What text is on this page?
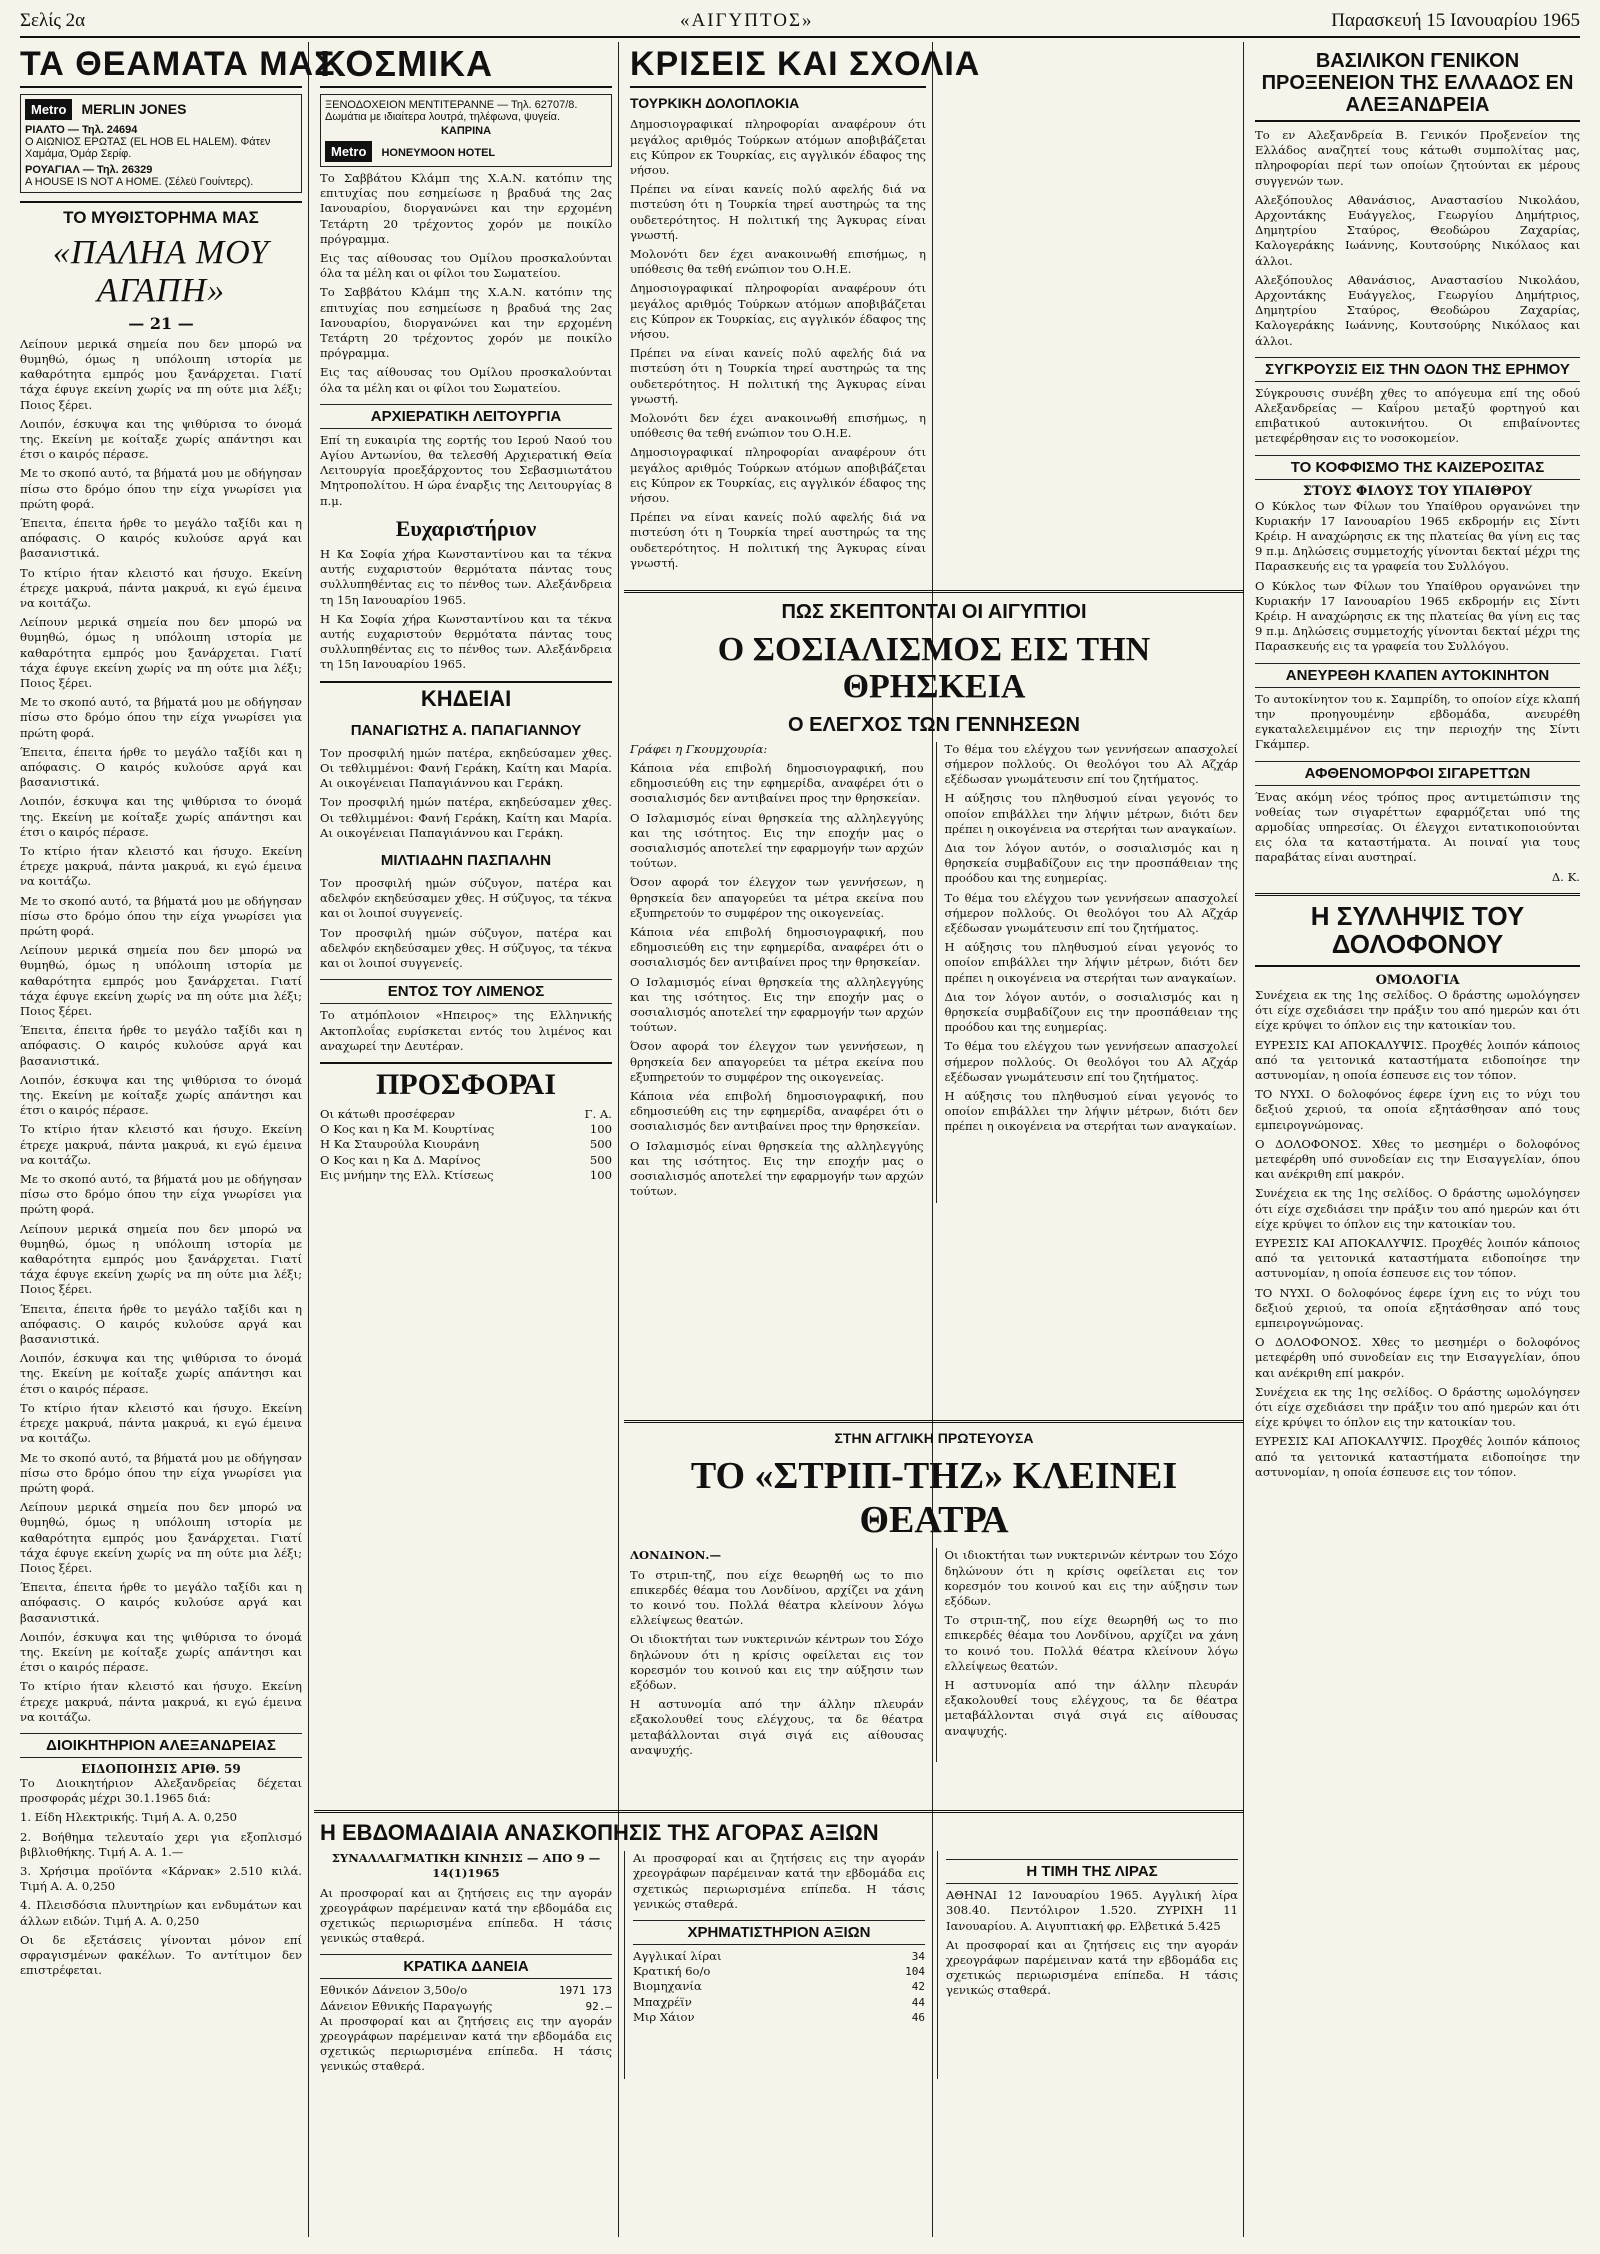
Σελίς 2α	«ΑΙΓΥΠΤΟΣ»	Παρασκευή 15 Ιανουαρίου 1965
ΤΑ ΘΕΑΜΑΤΑ ΜΑΣ
Metro MERLIN JONES
ΡΙΑΛΤΟ — Τηλ. 24694
Ο ΑΙΩΝΙΟΣ ΕΡΩΤΑΣ (EL HOB EL HALEM). Φάτεν Χαμάμα, Όμάρ Σερίφ.
ΡΟΥΑΓΙΑΛ — Τηλ. 26329
A HOUSE IS NOT A HOME. (Σέλεϋ Γουίντερς).
ΤΟ ΜΥΘΙΣΤΟΡΗΜΑ ΜΑΣ
«ΠΑΛΗΑ ΜΟΥ ΑΓΑΠΗ»
— 21 —

Λείπουν μερικά σημεία που δεν μπορώ να θυμηθώ, όμως η υπόλοιπη ιστορία με καθαρότητα εμπρός μου ξανάρχεται. Γιατί τάχα έφυγε εκείνη χωρίς να πη ούτε μια λέξι; Ποιος ξέρει.

Λοιπόν, έσκυψα και της ψιθύρισα το όνομά της. Εκείνη με κοίταξε χωρίς απάντησι και έτσι ο καιρός πέρασε.

Με το σκοπό αυτό, τα βήματά μου με οδήγησαν πίσω στο δρόμο όπου την είχα γνωρίσει για πρώτη φορά.

Έπειτα, έπειτα ήρθε το μεγάλο ταξίδι και η απόφασις. Ο καιρός κυλούσε αργά και βασανιστικά.

Το κτίριο ήταν κλειστό και ήσυχο. Εκείνη έτρεχε μακρυά, πάντα μακρυά, κι εγώ έμεινα να κοιτάζω.

Λείπουν μερικά σημεία που δεν μπορώ να θυμηθώ, όμως η υπόλοιπη ιστορία με καθαρότητα εμπρός μου ξανάρχεται. Γιατί τάχα έφυγε εκείνη χωρίς να πη ούτε μια λέξι; Ποιος ξέρει.

Με το σκοπό αυτό, τα βήματά μου με οδήγησαν πίσω στο δρόμο όπου την είχα γνωρίσει για πρώτη φορά.

Έπειτα, έπειτα ήρθε το μεγάλο ταξίδι και η απόφασις. Ο καιρός κυλούσε αργά και βασανιστικά.

Λοιπόν, έσκυψα και της ψιθύρισα το όνομά της. Εκείνη με κοίταξε χωρίς απάντησι και έτσι ο καιρός πέρασε.

Το κτίριο ήταν κλειστό και ήσυχο. Εκείνη έτρεχε μακρυά, πάντα μακρυά, κι εγώ έμεινα να κοιτάζω.

Με το σκοπό αυτό, τα βήματά μου με οδήγησαν πίσω στο δρόμο όπου την είχα γνωρίσει για πρώτη φορά.

Λείπουν μερικά σημεία που δεν μπορώ να θυμηθώ, όμως η υπόλοιπη ιστορία με καθαρότητα εμπρός μου ξανάρχεται. Γιατί τάχα έφυγε εκείνη χωρίς να πη ούτε μια λέξι; Ποιος ξέρει.

Έπειτα, έπειτα ήρθε το μεγάλο ταξίδι και η απόφασις. Ο καιρός κυλούσε αργά και βασανιστικά.

Λοιπόν, έσκυψα και της ψιθύρισα το όνομά της. Εκείνη με κοίταξε χωρίς απάντησι και έτσι ο καιρός πέρασε.

Το κτίριο ήταν κλειστό και ήσυχο. Εκείνη έτρεχε μακρυά, πάντα μακρυά, κι εγώ έμεινα να κοιτάζω.

Με το σκοπό αυτό, τα βήματά μου με οδήγησαν πίσω στο δρόμο όπου την είχα γνωρίσει για πρώτη φορά.

Λείπουν μερικά σημεία που δεν μπορώ να θυμηθώ, όμως η υπόλοιπη ιστορία με καθαρότητα εμπρός μου ξανάρχεται. Γιατί τάχα έφυγε εκείνη χωρίς να πη ούτε μια λέξι; Ποιος ξέρει.

Έπειτα, έπειτα ήρθε το μεγάλο ταξίδι και η απόφασις. Ο καιρός κυλούσε αργά και βασανιστικά.

Λοιπόν, έσκυψα και της ψιθύρισα το όνομά της. Εκείνη με κοίταξε χωρίς απάντησι και έτσι ο καιρός πέρασε.

Το κτίριο ήταν κλειστό και ήσυχο. Εκείνη έτρεχε μακρυά, πάντα μακρυά, κι εγώ έμεινα να κοιτάζω.

Με το σκοπό αυτό, τα βήματά μου με οδήγησαν πίσω στο δρόμο όπου την είχα γνωρίσει για πρώτη φορά.

Λείπουν μερικά σημεία που δεν μπορώ να θυμηθώ, όμως η υπόλοιπη ιστορία με καθαρότητα εμπρός μου ξανάρχεται. Γιατί τάχα έφυγε εκείνη χωρίς να πη ούτε μια λέξι; Ποιος ξέρει.

Έπειτα, έπειτα ήρθε το μεγάλο ταξίδι και η απόφασις. Ο καιρός κυλούσε αργά και βασανιστικά.

Λοιπόν, έσκυψα και της ψιθύρισα το όνομά της. Εκείνη με κοίταξε χωρίς απάντησι και έτσι ο καιρός πέρασε.

Το κτίριο ήταν κλειστό και ήσυχο. Εκείνη έτρεχε μακρυά, πάντα μακρυά, κι εγώ έμεινα να κοιτάζω.

ΔΙΟΙΚΗΤΗΡΙΟΝ ΑΛΕΞΑΝΔΡΕΙΑΣ
ΕΙΔΟΠΟΙΗΣΙΣ ΑΡΙΘ. 59

Το Διοικητήριον Αλεξανδρείας δέχεται προσφοράς μέχρι 30.1.1965 διά:

1. Είδη Ηλεκτρικής. Τιμή Α. Α. 0,250

2. Βοήθημα τελευταίο χερι για εξοπλισμό βιβλιοθήκης. Τιμή Α. Α. 1.—

3. Χρήσιμα προϊόντα «Κάρνακ» 2.510 κιλά. Τιμή Α. Α. 0,250

4. Πλεισδόσια πλυντηρίων και ενδυμάτων και άλλων ειδών. Τιμή Α. Α. 0,250

Οι δε εξετάσεις γίνονται μόνον επί σφραγισμένων φακέλων. Το αντίτιμον δεν επιστρέφεται.

ΚΟΣΜΙΚΑ
ΞΕΝΟΔΟΧΕΙΟΝ ΜΕΝΤΙΤΕΡΑΝΝΕ — Τηλ. 62707/8. Δωμάτια με ιδιαίτερα λουτρά, τηλέφωνα, ψυγεία.
ΚΑΠΡΙΝΑ
Metro HONEYMOON HOTEL

Το Σαββάτου Κλάμπ της Χ.Α.Ν. κατόπιν της επιτυχίας που εσημείωσε η βραδυά της 2ας Ιανουαρίου, διοργανώνει και την ερχομένη Τετάρτη 20 τρέχοντος χορόν με ποικίλο πρόγραμμα.

Εις τας αίθουσας του Ομίλου προσκαλούνται όλα τα μέλη και οι φίλοι του Σωματείου.

Το Σαββάτου Κλάμπ της Χ.Α.Ν. κατόπιν της επιτυχίας που εσημείωσε η βραδυά της 2ας Ιανουαρίου, διοργανώνει και την ερχομένη Τετάρτη 20 τρέχοντος χορόν με ποικίλο πρόγραμμα.

Εις τας αίθουσας του Ομίλου προσκαλούνται όλα τα μέλη και οι φίλοι του Σωματείου.

ΑΡΧΙΕΡΑΤΙΚΗ ΛΕΙΤΟΥΡΓΙΑ

Επί τη ευκαιρία της εορτής του Ιερού Ναού του Αγίου Αντωνίου, θα τελεσθή Αρχιερατική Θεία Λειτουργία προεξάρχοντος του Σεβασμιωτάτου Μητροπολίτου. Η ώρα έναρξις της Λειτουργίας 8 π.μ.

Ευχαριστήριον

Η Κα Σοφία χήρα Κωνσταντίνου και τα τέκνα αυτής ευχαριστούν θερμότατα πάντας τους συλλυπηθέντας εις το πένθος των. Αλεξάνδρεια τη 15η Ιανουαρίου 1965.

Η Κα Σοφία χήρα Κωνσταντίνου και τα τέκνα αυτής ευχαριστούν θερμότατα πάντας τους συλλυπηθέντας εις το πένθος των. Αλεξάνδρεια τη 15η Ιανουαρίου 1965.

ΚΗΔΕΙΑΙ
ΠΑΝΑΓΙΩΤΗΣ Α. ΠΑΠΑΓΙΑΝΝΟΥ

Τον προσφιλή ημών πατέρα, εκηδεύσαμεν χθες. Οι τεθλιμμένοι: Φανή Γεράκη, Καίτη και Μαρία. Αι οικογένειαι Παπαγιάννου και Γεράκη.

Τον προσφιλή ημών πατέρα, εκηδεύσαμεν χθες. Οι τεθλιμμένοι: Φανή Γεράκη, Καίτη και Μαρία. Αι οικογένειαι Παπαγιάννου και Γεράκη.

ΜΙΛΤΙΑΔΗΝ ΠΑΣΠΑΛΗΝ

Τον προσφιλή ημών σύζυγον, πατέρα και αδελφόν εκηδεύσαμεν χθες. Η σύζυγος, τα τέκνα και οι λοιποί συγγενείς.

Τον προσφιλή ημών σύζυγον, πατέρα και αδελφόν εκηδεύσαμεν χθες. Η σύζυγος, τα τέκνα και οι λοιποί συγγενείς.

ΕΝΤΟΣ ΤΟΥ ΛΙΜΕΝΟΣ

Το ατμόπλοιον «Ηπειρος» της Ελληνικής Ακτοπλοΐας ευρίσκεται εντός του λιμένος και αναχωρεί την Δευτέραν.

ΠΡΟΣΦΟΡΑΙ
Οι κάτωθι προσέφεραν	Γ. Α.
Ο Κος και η Κα Μ. Κουρτίνας	100
Η Κα Σταυρούλα Κιουράνη	500
Ο Κος και η Κα Δ. Μαρίνος	500
Εις μνήμην της Ελλ. Κτίσεως	100
ΚΡΙΣΕΙΣ ΚΑΙ ΣΧΟΛΙΑ
ΤΟΥΡΚΙΚΗ ΔΟΛΟΠΛΟΚΙΑ

Δημοσιογραφικαί πληροφορίαι αναφέρουν ότι μεγάλος αριθμός Τούρκων ατόμων αποβιβάζεται εις Κύπρον εκ Τουρκίας, εις αγγλικόν έδαφος της νήσου.

Πρέπει να είναι κανείς πολύ αφελής διά να πιστεύση ότι η Τουρκία τηρεί αυστηρώς τα της ουδετερότητος. Η πολιτική της Άγκυρας είναι γνωστή.

Μολονότι δεν έχει ανακοινωθή επισήμως, η υπόθεσις θα τεθή ενώπιον του Ο.Η.Ε.

Δημοσιογραφικαί πληροφορίαι αναφέρουν ότι μεγάλος αριθμός Τούρκων ατόμων αποβιβάζεται εις Κύπρον εκ Τουρκίας, εις αγγλικόν έδαφος της νήσου.

Πρέπει να είναι κανείς πολύ αφελής διά να πιστεύση ότι η Τουρκία τηρεί αυστηρώς τα της ουδετερότητος. Η πολιτική της Άγκυρας είναι γνωστή.

Μολονότι δεν έχει ανακοινωθή επισήμως, η υπόθεσις θα τεθή ενώπιον του Ο.Η.Ε.

Δημοσιογραφικαί πληροφορίαι αναφέρουν ότι μεγάλος αριθμός Τούρκων ατόμων αποβιβάζεται εις Κύπρον εκ Τουρκίας, εις αγγλικόν έδαφος της νήσου.

Πρέπει να είναι κανείς πολύ αφελής διά να πιστεύση ότι η Τουρκία τηρεί αυστηρώς τα της ουδετερότητος. Η πολιτική της Άγκυρας είναι γνωστή.

ΠΩΣ ΣΚΕΠΤΟΝΤΑΙ ΟΙ ΑΙΓΥΠΤΙΟΙ
Ο ΣΟΣΙΑΛΙΣΜΟΣ ΕΙΣ ΤΗΝ ΘΡΗΣΚΕΙΑ
Ο ΕΛΕΓΧΟΣ ΤΩΝ ΓΕΝΝΗΣΕΩΝ

Γράφει η Γκουμχουρία:

Κάποια νέα επιβολή δημοσιογραφική, που εδημοσιεύθη εις την εφημερίδα, αναφέρει ότι ο σοσιαλισμός δεν αντιβαίνει προς την θρησκείαν.

Ο Ισλαμισμός είναι θρησκεία της αλληλεγγύης και της ισότητος. Εις την εποχήν μας ο σοσιαλισμός αποτελεί την εφαρμογήν των αρχών τούτων.

Όσον αφορά τον έλεγχον των γεννήσεων, η θρησκεία δεν απαγορεύει τα μέτρα εκείνα που εξυπηρετούν το συμφέρον της οικογενείας.

Κάποια νέα επιβολή δημοσιογραφική, που εδημοσιεύθη εις την εφημερίδα, αναφέρει ότι ο σοσιαλισμός δεν αντιβαίνει προς την θρησκείαν.

Ο Ισλαμισμός είναι θρησκεία της αλληλεγγύης και της ισότητος. Εις την εποχήν μας ο σοσιαλισμός αποτελεί την εφαρμογήν των αρχών τούτων.

Όσον αφορά τον έλεγχον των γεννήσεων, η θρησκεία δεν απαγορεύει τα μέτρα εκείνα που εξυπηρετούν το συμφέρον της οικογενείας.

Κάποια νέα επιβολή δημοσιογραφική, που εδημοσιεύθη εις την εφημερίδα, αναφέρει ότι ο σοσιαλισμός δεν αντιβαίνει προς την θρησκείαν.

Ο Ισλαμισμός είναι θρησκεία της αλληλεγγύης και της ισότητος. Εις την εποχήν μας ο σοσιαλισμός αποτελεί την εφαρμογήν των αρχών τούτων.

Το θέμα του ελέγχου των γεννήσεων απασχολεί σήμερον πολλούς. Οι θεολόγοι του Αλ Αζχάρ εξέδωσαν γνωμάτευσιν επί του ζητήματος.

Η αύξησις του πληθυσμού είναι γεγονός το οποίον επιβάλλει την λήψιν μέτρων, διότι δεν πρέπει η οικογένεια να στερήται των αναγκαίων.

Δια τον λόγον αυτόν, ο σοσιαλισμός και η θρησκεία συμβαδίζουν εις την προσπάθειαν της προόδου και της ευημερίας.

Το θέμα του ελέγχου των γεννήσεων απασχολεί σήμερον πολλούς. Οι θεολόγοι του Αλ Αζχάρ εξέδωσαν γνωμάτευσιν επί του ζητήματος.

Η αύξησις του πληθυσμού είναι γεγονός το οποίον επιβάλλει την λήψιν μέτρων, διότι δεν πρέπει η οικογένεια να στερήται των αναγκαίων.

Δια τον λόγον αυτόν, ο σοσιαλισμός και η θρησκεία συμβαδίζουν εις την προσπάθειαν της προόδου και της ευημερίας.

Το θέμα του ελέγχου των γεννήσεων απασχολεί σήμερον πολλούς. Οι θεολόγοι του Αλ Αζχάρ εξέδωσαν γνωμάτευσιν επί του ζητήματος.

Η αύξησις του πληθυσμού είναι γεγονός το οποίον επιβάλλει την λήψιν μέτρων, διότι δεν πρέπει η οικογένεια να στερήται των αναγκαίων.

ΣΤΗΝ ΑΓΓΛΙΚΗ ΠΡΩΤΕΥΟΥΣΑ
ΤΟ «ΣΤΡΙΠ-ΤΗΖ» ΚΛΕΙΝΕΙ ΘΕΑΤΡΑ

ΛΟΝΔΙΝΟΝ.—

Το στριπ-τηζ, που είχε θεωρηθή ως το πιο επικερδές θέαμα του Λονδίνου, αρχίζει να χάνη το κοινό του. Πολλά θέατρα κλείνουν λόγω ελλείψεως θεατών.

Οι ιδιοκτήται των νυκτερινών κέντρων του Σόχο δηλώνουν ότι η κρίσις οφείλεται εις τον κορεσμόν του κοινού και εις την αύξησιν των εξόδων.

Η αστυνομία από την άλλην πλευράν εξακολουθεί τους ελέγχους, τα δε θέατρα μεταβάλλονται σιγά σιγά εις αίθουσας αναψυχής.

Οι ιδιοκτήται των νυκτερινών κέντρων του Σόχο δηλώνουν ότι η κρίσις οφείλεται εις τον κορεσμόν του κοινού και εις την αύξησιν των εξόδων.

Το στριπ-τηζ, που είχε θεωρηθή ως το πιο επικερδές θέαμα του Λονδίνου, αρχίζει να χάνη το κοινό του. Πολλά θέατρα κλείνουν λόγω ελλείψεως θεατών.

Η αστυνομία από την άλλην πλευράν εξακολουθεί τους ελέγχους, τα δε θέατρα μεταβάλλονται σιγά σιγά εις αίθουσας αναψυχής.

Η ΕΒΔΟΜΑΔΙΑΙΑ ΑΝΑΣΚΟΠΗΣΙΣ ΤΗΣ ΑΓΟΡΑΣ ΑΞΙΩΝ

ΣΥΝΑΛΛΑΓΜΑΤΙΚΗ ΚΙΝΗΣΙΣ — ΑΠΟ 9 — 14(1)1965

Αι προσφοραί και αι ζητήσεις εις την αγοράν χρεογράφων παρέμειναν κατά την εβδομάδα εις σχετικώς περιωρισμένα επίπεδα. Η τάσις γενικώς σταθερά.

ΚΡΑΤΙΚΑ ΔΑΝΕΙΑ
Εθνικόν Δάνειον 3,50ο/ο	1971 173
Δάνειον Εθνικής Παραγωγής	92.—

Αι προσφοραί και αι ζητήσεις εις την αγοράν χρεογράφων παρέμειναν κατά την εβδομάδα εις σχετικώς περιωρισμένα επίπεδα. Η τάσις γενικώς σταθερά.

Αι προσφοραί και αι ζητήσεις εις την αγοράν χρεογράφων παρέμειναν κατά την εβδομάδα εις σχετικώς περιωρισμένα επίπεδα. Η τάσις γενικώς σταθερά.

ΧΡΗΜΑΤΙΣΤΗΡΙΟΝ ΑΞΙΩΝ
Αγγλικαί λίραι	34
Κρατική 6ο/ο	104
Βιομηχανία	42
Μπαχρέϊν	44
Μιρ Χάιον	46
Η ΤΙΜΗ ΤΗΣ ΛΙΡΑΣ

ΑΘΗΝΑΙ 12 Ιανουαρίου 1965. Αγγλική λίρα 308.40. Πεντόλιρον 1.520. ΖΥΡΙΧΗ 11 Ιανουαρίου. Α. Αιγυπτιακή φρ. Ελβετικά 5.425

Αι προσφοραί και αι ζητήσεις εις την αγοράν χρεογράφων παρέμειναν κατά την εβδομάδα εις σχετικώς περιωρισμένα επίπεδα. Η τάσις γενικώς σταθερά.

ΒΑΣΙΛΙΚΟΝ ΓΕΝΙΚΟΝ ΠΡΟΞΕΝΕΙΟΝ ΤΗΣ ΕΛΛΑΔΟΣ ΕΝ ΑΛΕΞΑΝΔΡΕΙΑ

Το εν Αλεξανδρεία Β. Γενικόν Προξενείον της Ελλάδος αναζητεί τους κάτωθι συμπολίτας μας, πληροφορίαι περί των οποίων ζητούνται εκ μέρους συγγενών των.

Αλεξόπουλος Αθανάσιος, Αναστασίου Νικολάου, Αρχοντάκης Ευάγγελος, Γεωργίου Δημήτριος, Δημητρίου Σταύρος, Θεοδώρου Ζαχαρίας, Καλογεράκης Ιωάννης, Κουτσούρης Νικόλαος και άλλοι.

Αλεξόπουλος Αθανάσιος, Αναστασίου Νικολάου, Αρχοντάκης Ευάγγελος, Γεωργίου Δημήτριος, Δημητρίου Σταύρος, Θεοδώρου Ζαχαρίας, Καλογεράκης Ιωάννης, Κουτσούρης Νικόλαος και άλλοι.

ΣΥΓΚΡΟΥΣΙΣ ΕΙΣ ΤΗΝ ΟΔΟΝ ΤΗΣ ΕΡΗΜΟΥ

Σύγκρουσις συνέβη χθες το απόγευμα επί της οδού Αλεξανδρείας — Καΐρου μεταξύ φορτηγού και επιβατικού αυτοκινήτου. Οι επιβαίνοντες μετεφέρθησαν εις το νοσοκομείον.

ΤΟ ΚΟΦΦΙΣΜΟ ΤΗΣ ΚΑΙΖΕΡΟΣΙΤΑΣ
ΣΤΟΥΣ ΦΙΛΟΥΣ ΤΟΥ ΥΠΑΙΘΡΟΥ

Ο Κύκλος των Φίλων του Υπαίθρου οργανώνει την Κυριακήν 17 Ιανουαρίου 1965 εκδρομήν εις Σίντι Κρέιρ. Η αναχώρησις εκ της πλατείας θα γίνη εις τας 9 π.μ. Δηλώσεις συμμετοχής γίνονται δεκταί μέχρι της Παρασκευής εις τα γραφεία του Συλλόγου.

Ο Κύκλος των Φίλων του Υπαίθρου οργανώνει την Κυριακήν 17 Ιανουαρίου 1965 εκδρομήν εις Σίντι Κρέιρ. Η αναχώρησις εκ της πλατείας θα γίνη εις τας 9 π.μ. Δηλώσεις συμμετοχής γίνονται δεκταί μέχρι της Παρασκευής εις τα γραφεία του Συλλόγου.

ΑΝΕΥΡΕΘΗ ΚΛΑΠΕΝ ΑΥΤΟΚΙΝΗΤΟΝ

Το αυτοκίνητον του κ. Σαμπρίδη, το οποίον είχε κλαπή την προηγουμένην εβδομάδα, ανευρέθη εγκαταλελειμμένον εις την περιοχήν της Σίντι Γκάμπερ.

ΑΦΘΕΝΟΜΟΡΦΟΙ ΣΙΓΑΡΕΤΤΩΝ

Ένας ακόμη νέος τρόπος προς αντιμετώπισιν της νοθείας των σιγαρέττων εφαρμόζεται υπό της αρμοδίας υπηρεσίας. Οι έλεγχοι εντατικοποιούνται εις όλα τα καταστήματα. Αι ποιναί για τους παραβάτας είναι αυστηραί.

Δ. Κ.

Η ΣΥΛΛΗΨΙΣ ΤΟΥ ΔΟΛΟΦΟΝΟΥ
ΟΜΟΛΟΓΙΑ

Συνέχεια εκ της 1ης σελίδος. Ο δράστης ωμολόγησεν ότι είχε σχεδιάσει την πράξιν του από ημερών και ότι είχε κρύψει το όπλον εις την κατοικίαν του.

ΕΥΡΕΣΙΣ ΚΑΙ ΑΠΟΚΑΛΥΨΙΣ. Προχθές λοιπόν κάποιος από τα γειτονικά καταστήματα ειδοποίησε την αστυνομίαν, η οποία έσπευσε εις τον τόπον.

ΤΟ ΝΥΧΙ. Ο δολοφόνος έφερε ίχνη εις το νύχι του δεξιού χεριού, τα οποία εξητάσθησαν από τους εμπειρογνώμονας.

Ο ΔΟΛΟΦΟΝΟΣ. Χθες το μεσημέρι ο δολοφόνος μετεφέρθη υπό συνοδείαν εις την Εισαγγελίαν, όπου και ανέκριθη επί μακρόν.

Συνέχεια εκ της 1ης σελίδος. Ο δράστης ωμολόγησεν ότι είχε σχεδιάσει την πράξιν του από ημερών και ότι είχε κρύψει το όπλον εις την κατοικίαν του.

ΕΥΡΕΣΙΣ ΚΑΙ ΑΠΟΚΑΛΥΨΙΣ. Προχθές λοιπόν κάποιος από τα γειτονικά καταστήματα ειδοποίησε την αστυνομίαν, η οποία έσπευσε εις τον τόπον.

ΤΟ ΝΥΧΙ. Ο δολοφόνος έφερε ίχνη εις το νύχι του δεξιού χεριού, τα οποία εξητάσθησαν από τους εμπειρογνώμονας.

Ο ΔΟΛΟΦΟΝΟΣ. Χθες το μεσημέρι ο δολοφόνος μετεφέρθη υπό συνοδείαν εις την Εισαγγελίαν, όπου και ανέκριθη επί μακρόν.

Συνέχεια εκ της 1ης σελίδος. Ο δράστης ωμολόγησεν ότι είχε σχεδιάσει την πράξιν του από ημερών και ότι είχε κρύψει το όπλον εις την κατοικίαν του.

ΕΥΡΕΣΙΣ ΚΑΙ ΑΠΟΚΑΛΥΨΙΣ. Προχθές λοιπόν κάποιος από τα γειτονικά καταστήματα ειδοποίησε την αστυνομίαν, η οποία έσπευσε εις τον τόπον.
